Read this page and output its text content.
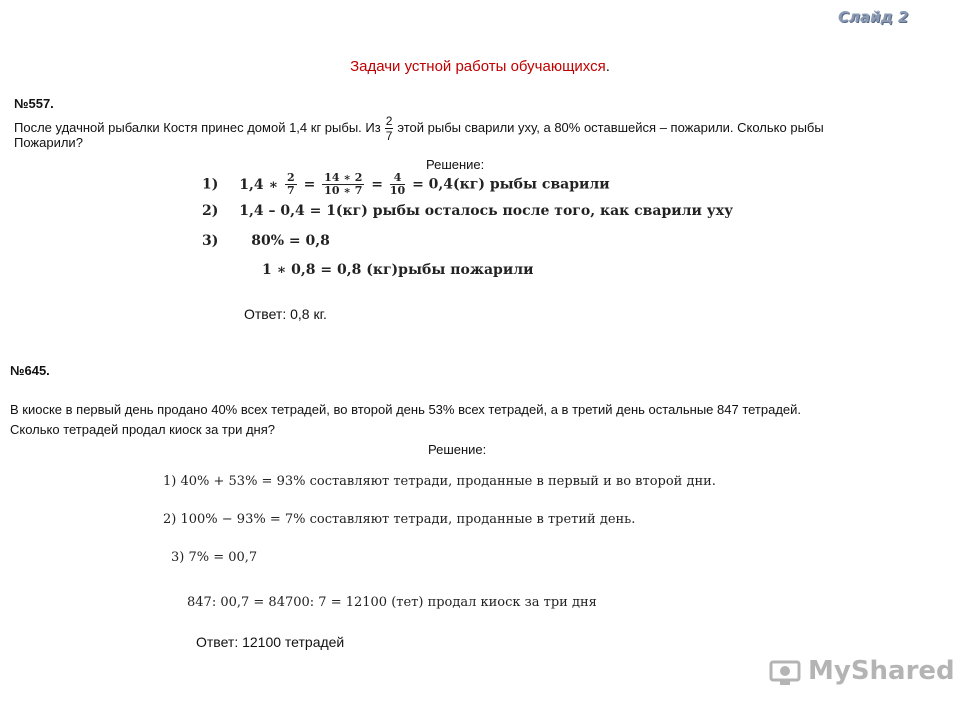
Слайд 2
Задачи устной работы обучающихся.
№557.
После удачной рыбалки Костя принес домой 1,4 кг рыбы. Из $\frac{2}{7}$ этой рыбы сварили уху, а 80% оставшейся – пожарили. Сколько рыбы
Пожарили?
Решение:
1) 1,4 ∗ $\frac{2}{7} = \frac{14 ∗ 2}{10 ∗ 7} = \frac{4}{10} = 0,4(кг)$ рыбы сварили
2) 1,4 – 0,4 = 1(кг) рыбы осталось после того, как сварили уху
3) 80% = 0,8
1 ∗ 0,8 = 0,8 (кг)рыбы пожарили
Ответ: 0,8 кг.
№645.
В киоске в первый день продано 40% всех тетрадей, во второй день 53% всех тетрадей, а в третий день остальные 847 тетрадей.
Сколько тетрадей продал киоск за три дня?
Решение:
1) 40% + 53% = 93% составляют тетради, проданные в первый и во второй дни.
2) 100% − 93% = 7% составляют тетради, проданные в третий день.
3) 7% = 00,7
847: 00,7 = 84700: 7 = 12100 (тет) продал киоск за три дня
Ответ: 12100 тетрадей
MyShared
